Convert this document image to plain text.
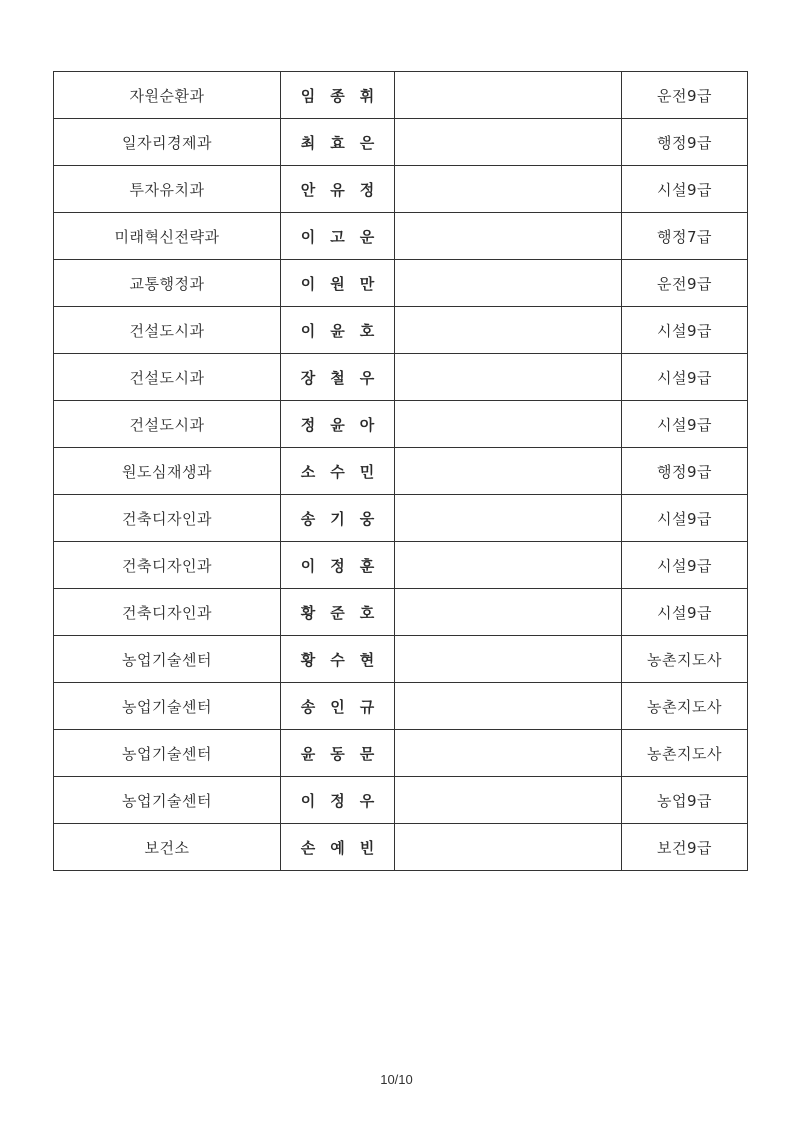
자원순환과	임종휘		운전9급
일자리경제과	최효은		행정9급
투자유치과	안유정		시설9급
미래혁신전략과	이고운		행정7급
교통행정과	이원만		운전9급
건설도시과	이윤호		시설9급
건설도시과	장철우		시설9급
건설도시과	정윤아		시설9급
원도심재생과	소수민		행정9급
건축디자인과	송기웅		시설9급
건축디자인과	이정훈		시설9급
건축디자인과	황준호		시설9급
농업기술센터	황수현		농촌지도사
농업기술센터	송인규		농촌지도사
농업기술센터	윤동문		농촌지도사
농업기술센터	이정우		농업9급
보건소	손예빈		보건9급
10/10
